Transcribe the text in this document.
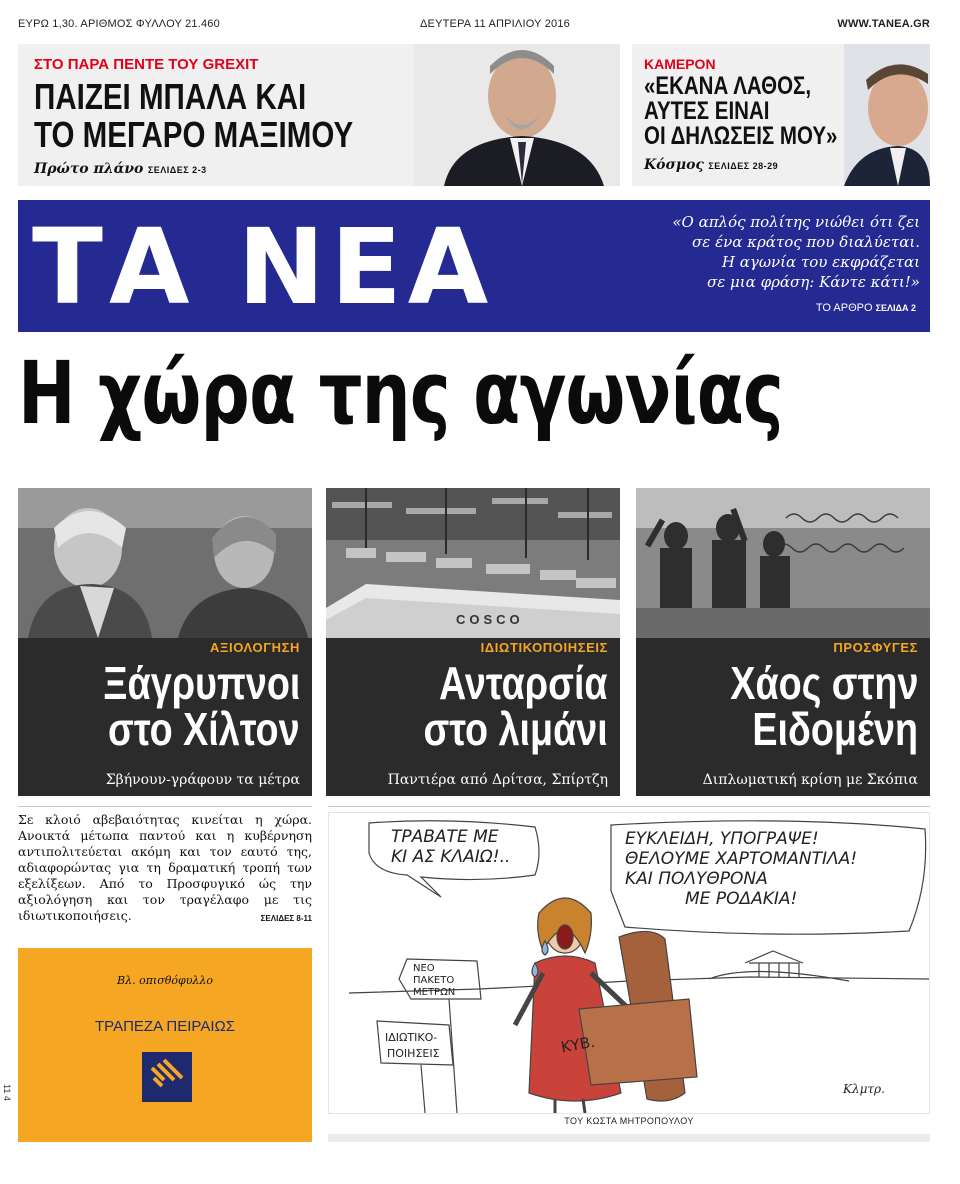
ΕΥΡΩ 1,30. ΑΡΙΘΜΟΣ ΦΥΛΛΟΥ 21.460	ΔΕΥΤΕΡΑ 11 ΑΠΡΙΛΙΟΥ 2016	WWW.TANEA.GR
ΣΤΟ ΠΑΡΑ ΠΕΝΤΕ ΤΟΥ GREXIT
ΠΑΙΖΕΙ ΜΠΑΛΑ ΚΑΙ
ΤΟ ΜΕΓΑΡΟ ΜΑΞΙΜΟΥ
Πρώτο πλάνο ΣΕΛΙΔΕΣ 2-3
ΚΑΜΕΡΟΝ
«ΕΚΑΝΑ ΛΑΘΟΣ,
ΑΥΤΕΣ ΕΙΝΑΙ
ΟΙ ΔΗΛΩΣΕΙΣ ΜΟΥ»
Κόσμος ΣΕΛΙΔΕΣ 28-29
ΤΑ ΝΕΑ	«Ο απλός πολίτης νιώθει ότι ζει
σε ένα κράτος που διαλύεται.
Η αγωνία του εκφράζεται
σε μια φράση: Κάντε κάτι!»
ΤΟ ΑΡΘΡΟ ΣΕΛΙΔΑ 2
Η χώρα της αγωνίας
ΑΞΙΟΛΟΓΗΣΗ
Ξάγρυπνοι
στο Χίλτον
Σβήνουν-γράφουν τα μέτρα
COSCO
ΙΔΙΩΤΙΚΟΠΟΙΗΣΕΙΣ
Ανταρσία
στο λιμάνι
Παντιέρα από Δρίτσα, Σπίρτζη
ΠΡΟΣΦΥΓΕΣ
Χάος στην
Ειδομένη
Διπλωματική κρίση με Σκόπια
Σε κλοιό αβεβαιότητας κινείται η χώρα. Ανοικτά μέτωπα παντού και η κυβέρνηση αντιπολιτεύεται ακόμη και τον εαυτό της, αδιαφορώντας για τη δραματική τροπή των εξελίξεων. Από το Προσφυγικό ώς την αξιολόγηση και τον τραγέλαφο με τις ιδιωτικοποιήσεις.	ΣΕΛΙΔΕΣ 8-11
Βλ. οπισθόφυλλο
ΤΡΑΠΕΖΑ ΠΕΙΡΑΙΩΣ
ΚΥΒ.
ΝΕΟ
ΠΑΚΕΤΟ
ΜΕΤΡΩΝ
ΙΔΙΩΤΙΚΟ-
ΠΟΙΗΣΕΙΣ
Κλμτρ.
ΤΡΑΒΑΤΕ ΜΕ
ΚΙ ΑΣ ΚΛΑΙΩ!..
ΕΥΚΛΕΙΔΗ, ΥΠΟΓΡΑΨΕ!
ΘΕΛΟΥΜΕ ΧΑΡΤΟΜΑΝΤΙΛΑ!
ΚΑΙ ΠΟΛΥΘΡΟΝΑ
ΜΕ ΡΟΔΑΚΙΑ!
ΤΟΥ ΚΩΣΤΑ ΜΗΤΡΟΠΟΥΛΟΥ
11 4
